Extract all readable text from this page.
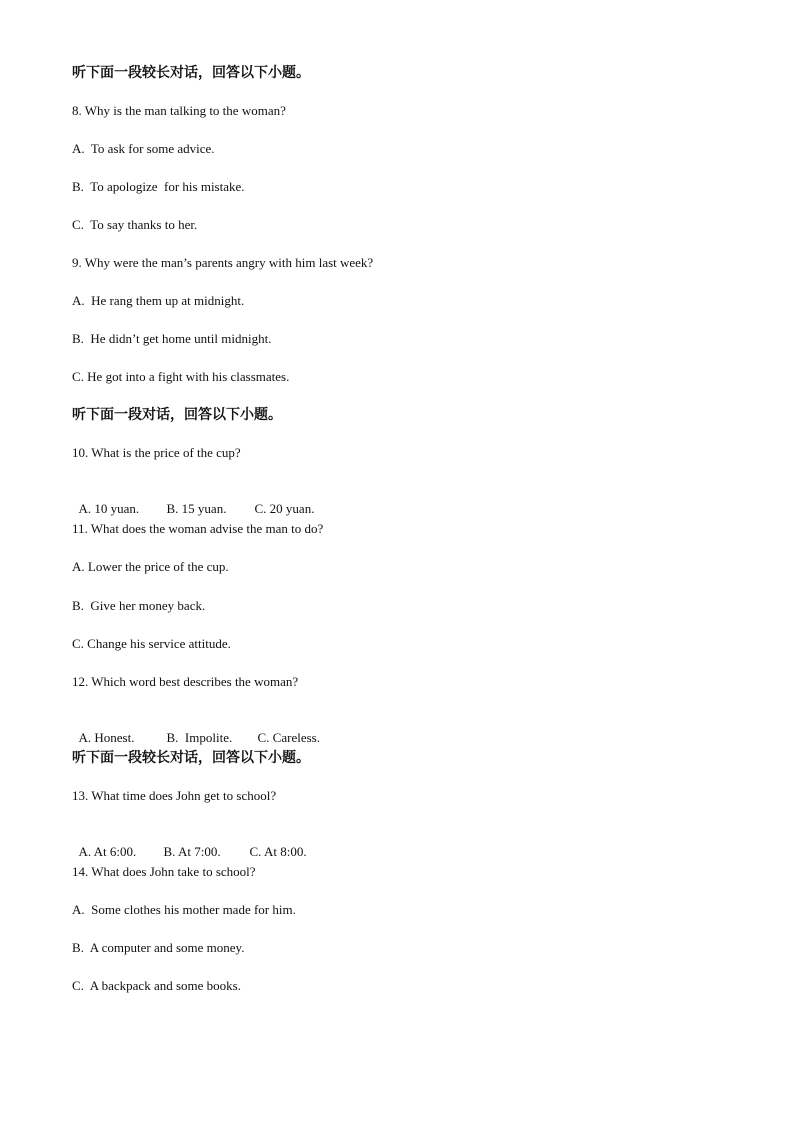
听下面一段较长对话，回答以下小题。
8. Why is the man talking to the woman?
A.  To ask for some advice.
B.  To apologize  for his mistake.
C.  To say thanks to her.
9. Why were the man’s parents angry with him last week?
A.  He rang them up at midnight.
B.  He didn’t get home until midnight.
C. He got into a fight with his classmates.
听下面一段对话，回答以下小题。
10. What is the price of the cup?

A. 10 yuan. B. 15 yuan. C. 20 yuan.

11. What does the woman advise the man to do?
A. Lower the price of the cup.
B.  Give her money back.
C. Change his service attitude.
12. Which word best describes the woman?

A. Honest. B.  Impolite. C. Careless.

听下面一段较长对话，回答以下小题。
13. What time does John get to school?

A. At 6:00. B. At 7:00. C. At 8:00.

14. What does John take to school?
A.  Some clothes his mother made for him.
B.  A computer and some money.
C.  A backpack and some books.
